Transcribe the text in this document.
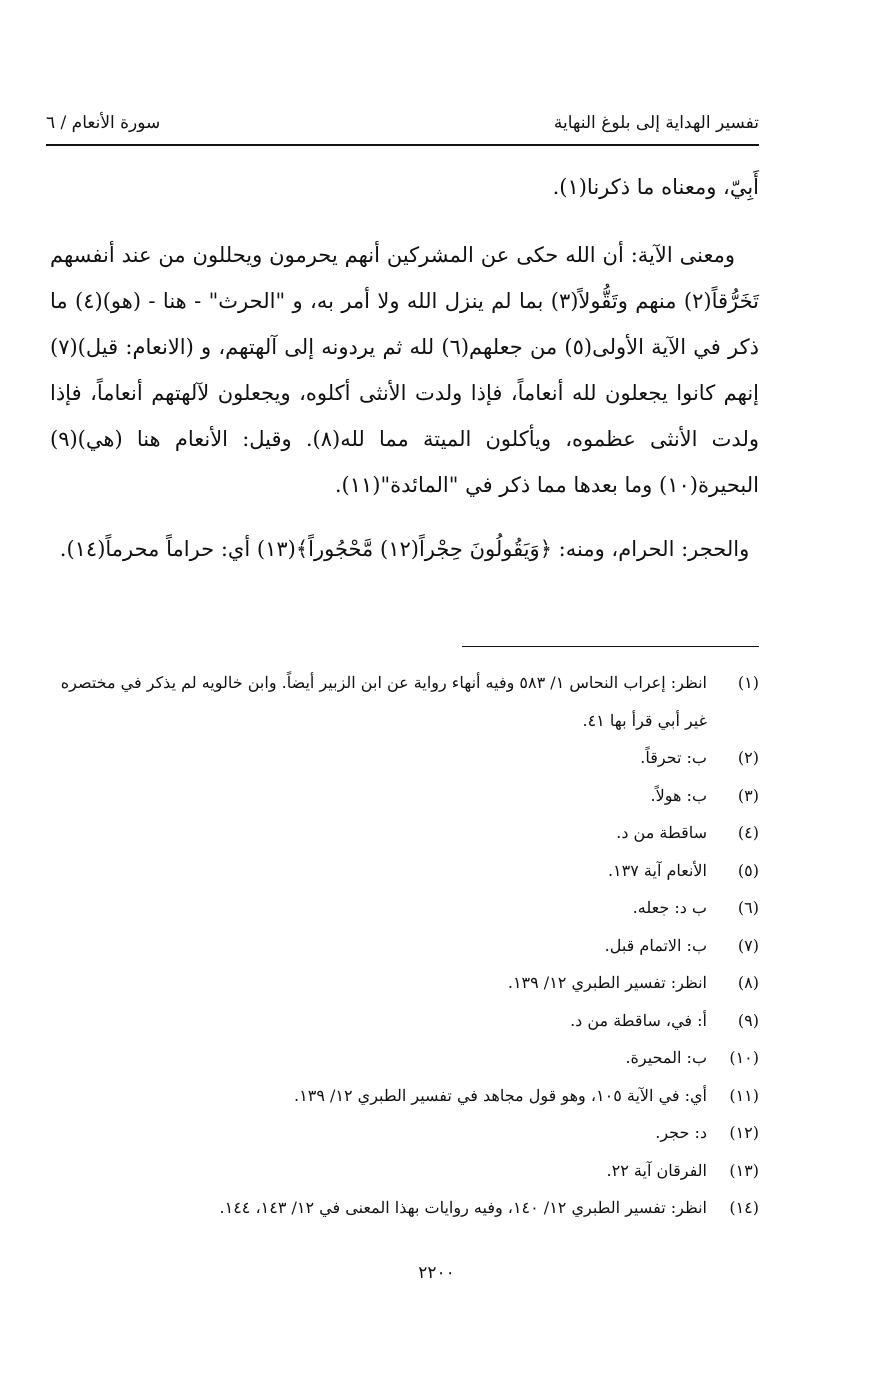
تفسير الهداية إلى بلوغ النهاية
سورة الأنعام / ٦

أَبِيّ، ومعناه ما ذكرنا(١).

ومعنى الآية: أن الله حكى عن المشركين أنهم يحرمون ويحللون من عند أنفسهم تَخَرُّقاً(٢) منهم وتَقُّولاً(٣) بما لم ينزل الله ولا أمر به، و "الحرث" - هنا - (هو)(٤) ما ذكر في الآية الأولى(٥) من جعلهم(٦) لله ثم يردونه إلى آلهتهم، و (الانعام: قيل)(٧) إنهم كانوا يجعلون لله أنعاماً، فإذا ولدت الأنثى أكلوه، ويجعلون لآلهتهم أنعاماً، فإذا ولدت الأنثى عظموه، ويأكلون الميتة مما لله(٨). وقيل: الأنعام هنا (هي)(٩) البحيرة(١٠) وما بعدها مما ذكر في "المائدة"(١١).

والحجر: الحرام، ومنه: ﴿وَيَقُولُونَ حِجْراً(١٢) مَّحْجُوراً﴾(١٣) أي: حراماً محرماً(١٤).

(١)
انظر: إعراب النحاس ١/ ٥٨٣ وفيه أنهاء رواية عن ابن الزبير أيضاً. وابن خالويه لم يذكر في مختصره غير أبي قرأ بها ٤١.
(٢)
ب: تحرقاً.
(٣)
ب: هولاً.
(٤)
ساقطة من د.
(٥)
الأنعام آية ١٣٧.
(٦)
ب د: جعله.
(٧)
ب: الاتمام قبل.
(٨)
انظر: تفسير الطبري ١٢/ ١٣٩.
(٩)
أ: في، ساقطة من د.
(١٠)
ب: المحيرة.
(١١)
أي: في الآية ١٠٥، وهو قول مجاهد في تفسير الطبري ١٢/ ١٣٩.
(١٢)
د: حجر.
(١٣)
الفرقان آية ٢٢.
(١٤)
انظر: تفسير الطبري ١٢/ ١٤٠، وفيه روايات بهذا المعنى في ١٢/ ١٤٣، ١٤٤.
٢٢٠٠
